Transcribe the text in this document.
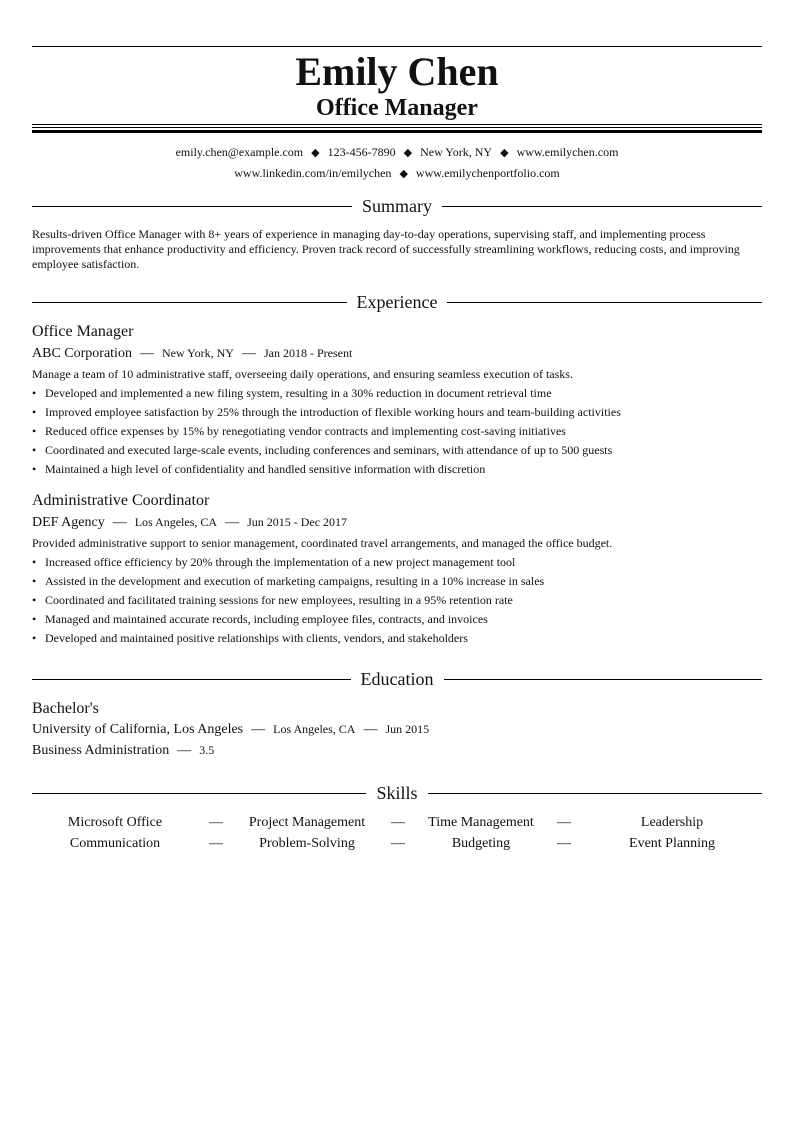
Emily Chen
Office Manager
emily.chen@example.com ◆ 123-456-7890 ◆ New York, NY ◆ www.emilychen.com
www.linkedin.com/in/emilychen ◆ www.emilychenportfolio.com
Summary
Results-driven Office Manager with 8+ years of experience in managing day-to-day operations, supervising staff, and implementing process improvements that enhance productivity and efficiency. Proven track record of successfully streamlining workflows, reducing costs, and improving employee satisfaction.
Experience
Office Manager
ABC Corporation — New York, NY — Jan 2018 - Present
Manage a team of 10 administrative staff, overseeing daily operations, and ensuring seamless execution of tasks.
• Developed and implemented a new filing system, resulting in a 30% reduction in document retrieval time
• Improved employee satisfaction by 25% through the introduction of flexible working hours and team-building activities
• Reduced office expenses by 15% by renegotiating vendor contracts and implementing cost-saving initiatives
• Coordinated and executed large-scale events, including conferences and seminars, with attendance of up to 500 guests
• Maintained a high level of confidentiality and handled sensitive information with discretion
Administrative Coordinator
DEF Agency — Los Angeles, CA — Jun 2015 - Dec 2017
Provided administrative support to senior management, coordinated travel arrangements, and managed the office budget.
• Increased office efficiency by 20% through the implementation of a new project management tool
• Assisted in the development and execution of marketing campaigns, resulting in a 10% increase in sales
• Coordinated and facilitated training sessions for new employees, resulting in a 95% retention rate
• Managed and maintained accurate records, including employee files, contracts, and invoices
• Developed and maintained positive relationships with clients, vendors, and stakeholders
Education
Bachelor's
University of California, Los Angeles — Los Angeles, CA — Jun 2015
Business Administration — 3.5
Skills
Microsoft Office	—	Project Management	—	Time Management	—	Leadership
Communication	—	Problem-Solving	—	Budgeting	—	Event Planning
